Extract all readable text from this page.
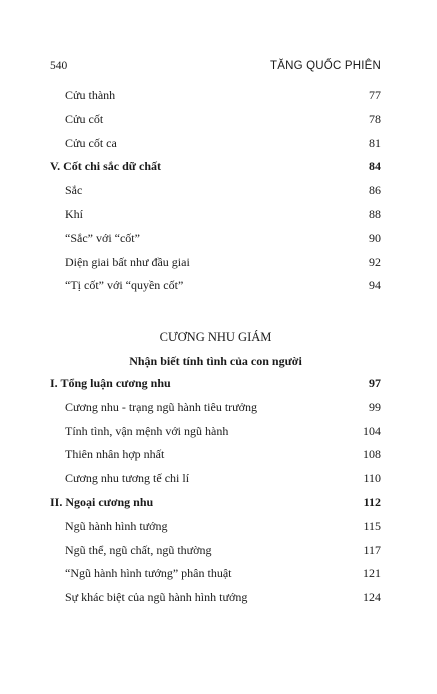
540	TĂNG QUỐC PHIÊN
Cửu thành	77
Cửu cốt	78
Cửu cốt ca	81
V. Cốt chi sắc dữ chất	84
Sắc	86
Khí	88
“Sắc” với “cốt”	90
Diện giai bất như đầu giai	92
“Tị cốt” với “quyền cốt”	94
CƯƠNG NHU GIÁM
Nhận biết tính tình của con người
I. Tổng luận cương nhu	97
Cương nhu - trạng ngũ hành tiêu trưởng	99
Tính tình, vận mệnh với ngũ hành	104
Thiên nhân hợp nhất	108
Cương nhu tương tế chi lí	110
II. Ngoại cương nhu	112
Ngũ hành hình tướng	115
Ngũ thể, ngũ chất, ngũ thường	117
“Ngũ hành hình tướng” phân thuật	121
Sự khác biệt của ngũ hành hình tướng	124
